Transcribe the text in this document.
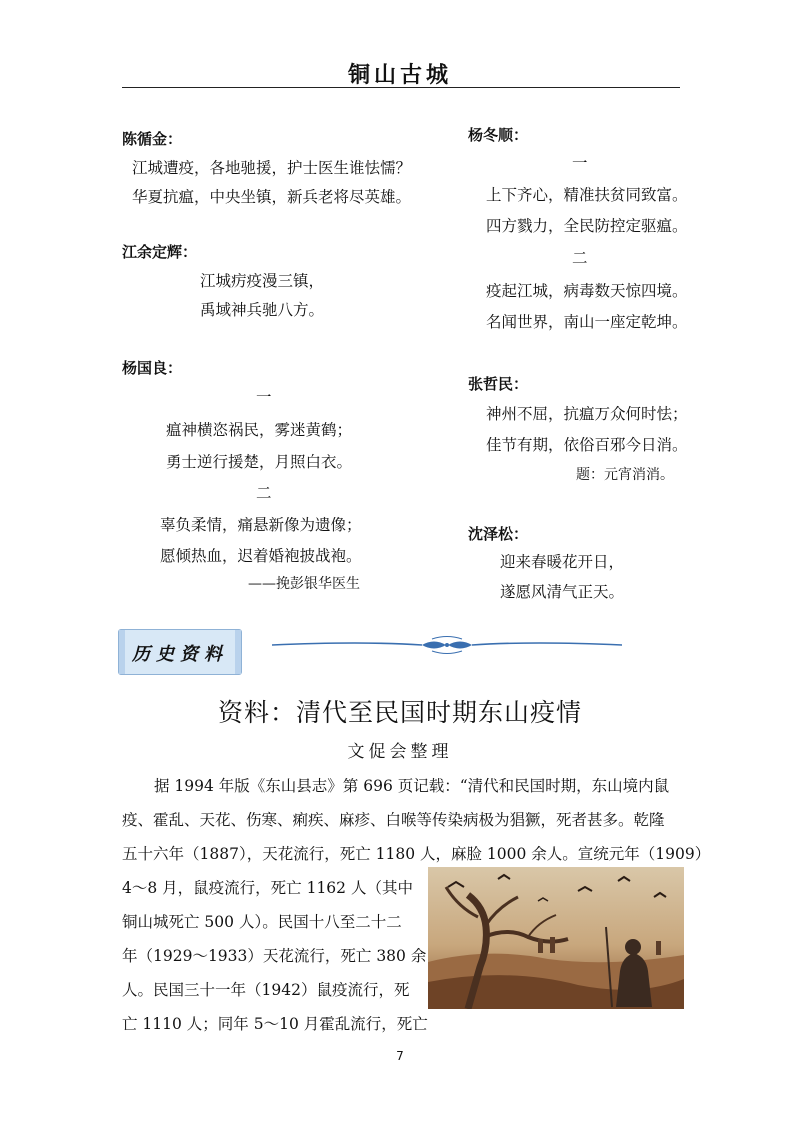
铜山古城
陈循金：
江城遭疫，各地驰援，护士医生谁怯懦？
华夏抗瘟，中央坐镇，新兵老将尽英雄。
江余定辉：
江城疠疫漫三镇，
禹域神兵驰八方。
杨国良：
一
瘟神横恣祸民，雾迷黄鹤；
勇士逆行援楚，月照白衣。
二
辜负柔情，痛悬新像为遗像；
愿倾热血，迟着婚袍披战袍。
——挽彭银华医生
杨冬顺：
一
上下齐心，精准扶贫同致富。
四方戮力，全民防控定驱瘟。
二
疫起江城，病毒数天惊四境。
名闻世界，南山一座定乾坤。
张哲民：
神州不屈，抗瘟万众何时怯；
佳节有期，依俗百邪今日消。
题：元宵消消。
沈泽松：
迎来春暖花开日，
遂愿风清气正天。
历史资料
资料：清代至民国时期东山疫情
文促会整理
据 1994 年版《东山县志》第 696 页记载：“清代和民国时期，东山境内鼠
疫、霍乱、天花、伤寒、痢疾、麻疹、白喉等传染病极为猖獗，死者甚多。乾隆
五十六年（1887），天花流行，死亡 1180 人，麻脸 1000 余人。宣统元年（1909）
4～8 月，鼠疫流行，死亡 1162 人（其中
铜山城死亡 500 人）。民国十八至二十二
年（1929～1933）天花流行，死亡 380 余
人。民国三十一年（1942）鼠疫流行，死
亡 1110 人；同年 5～10 月霍乱流行，死亡
7
